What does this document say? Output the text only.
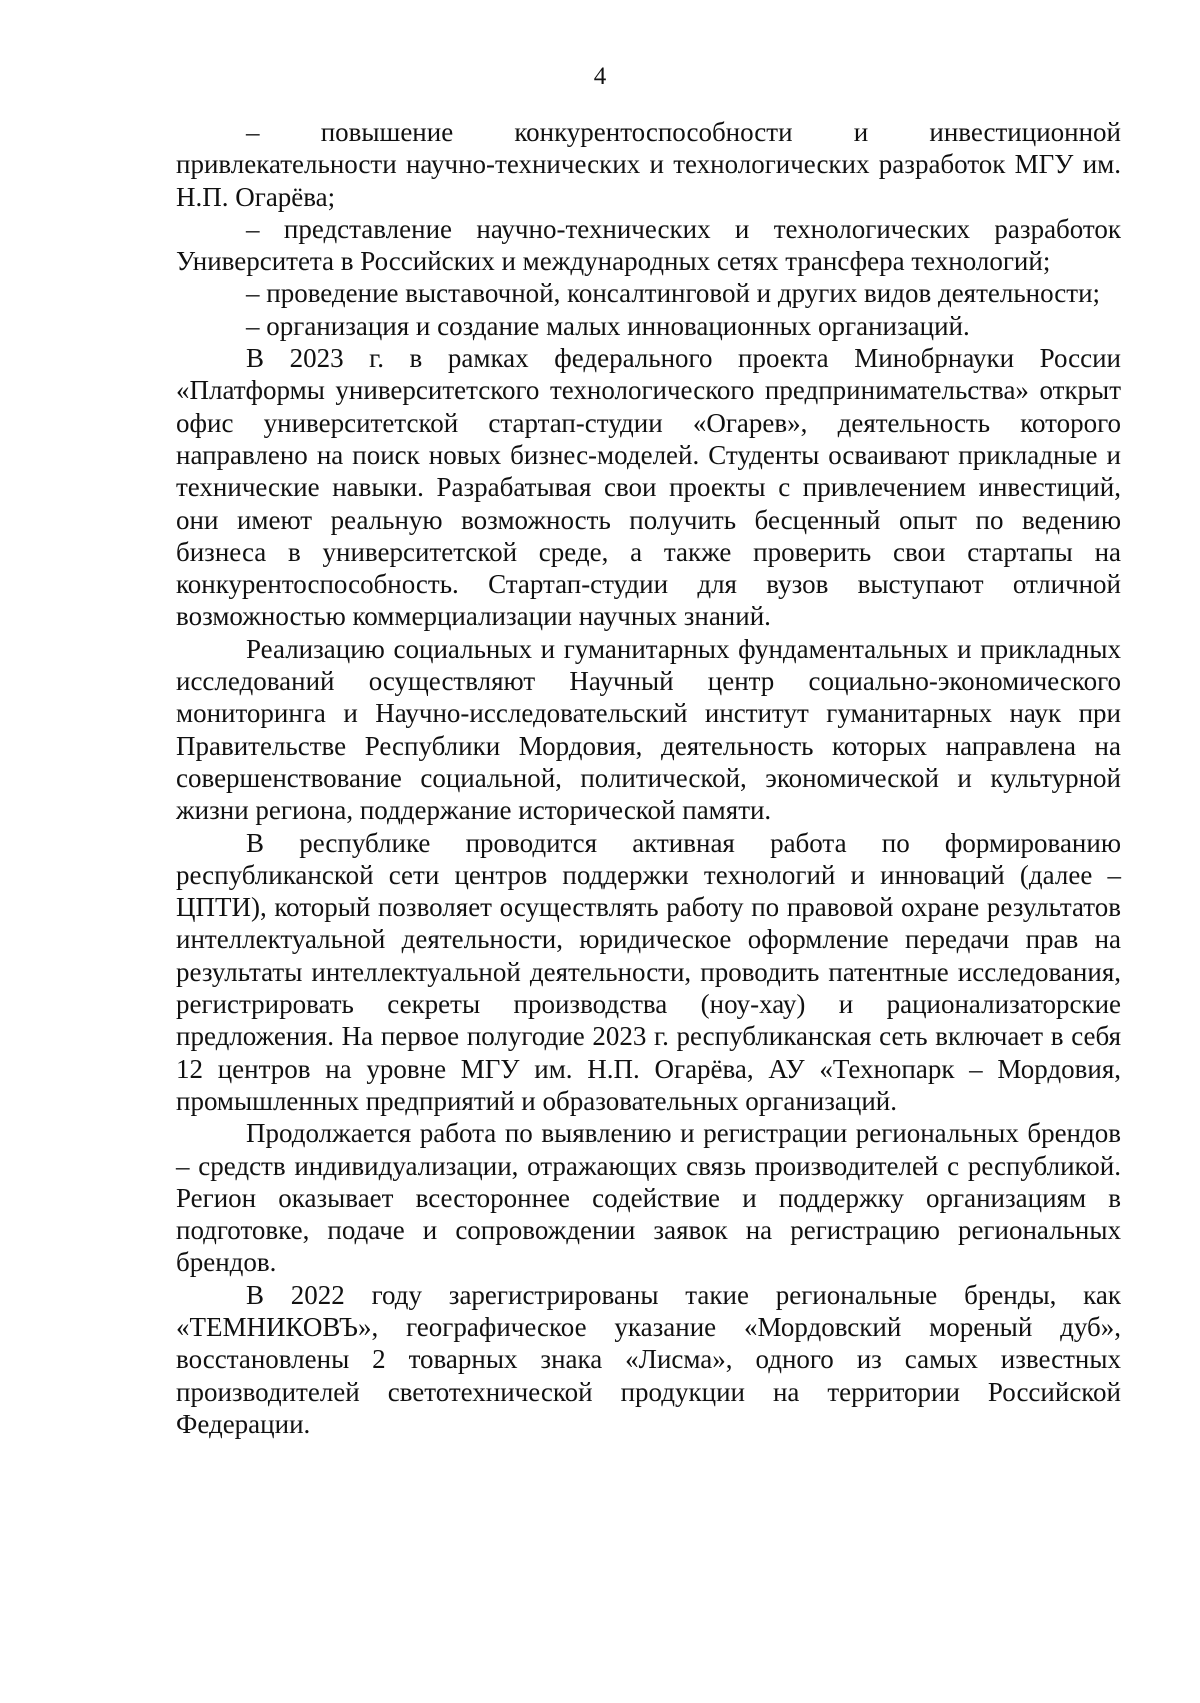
4

– повышение конкурентоспособности и инвестиционной привлекательности научно-технических и технологических разработок МГУ им. Н.П. Огарёва;

– представление научно-технических и технологических разработок Университета в Российских и международных сетях трансфера технологий;

– проведение выставочной, консалтинговой и других видов деятельности;

– организация и создание малых инновационных организаций.

В 2023 г. в рамках федерального проекта Минобрнауки России «Платформы университетского технологического предпринимательства» открыт офис университетской стартап-студии «Огарев», деятельность которого направлено на поиск новых бизнес-моделей. Студенты осваивают прикладные и технические навыки. Разрабатывая свои проекты с привлечением инвестиций, они имеют реальную возможность получить бесценный опыт по ведению бизнеса в университетской среде, а также проверить свои стартапы на конкурентоспособность. Стартап-студии для вузов выступают отличной возможностью коммерциализации научных знаний.

Реализацию социальных и гуманитарных фундаментальных и прикладных исследований осуществляют Научный центр социально-экономического мониторинга и Научно-исследовательский институт гуманитарных наук при Правительстве Республики Мордовия, деятельность которых направлена на совершенствование социальной, политической, экономической и культурной жизни региона, поддержание исторической памяти.

В республике проводится активная работа по формированию республиканской сети центров поддержки технологий и инноваций (далее – ЦПТИ), который позволяет осуществлять работу по правовой охране результатов интеллектуальной деятельности, юридическое оформление передачи прав на результаты интеллектуальной деятельности, проводить патентные исследования, регистрировать секреты производства (ноу-хау) и рационализаторские предложения. На первое полугодие 2023 г. республиканская сеть включает в себя 12 центров на уровне МГУ им. Н.П. Огарёва, АУ «Технопарк – Мордовия, промышленных предприятий и образовательных организаций.

Продолжается работа по выявлению и регистрации региональных брендов – средств индивидуализации, отражающих связь производителей с республикой. Регион оказывает всестороннее содействие и поддержку организациям в подготовке, подаче и сопровождении заявок на регистрацию региональных брендов.

В 2022 году зарегистрированы такие региональные бренды, как «ТЕМНИКОВЪ», географическое указание «Мордовский мореный дуб», восстановлены 2 товарных знака «Лисма», одного из самых известных производителей светотехнической продукции на территории Российской Федерации.
